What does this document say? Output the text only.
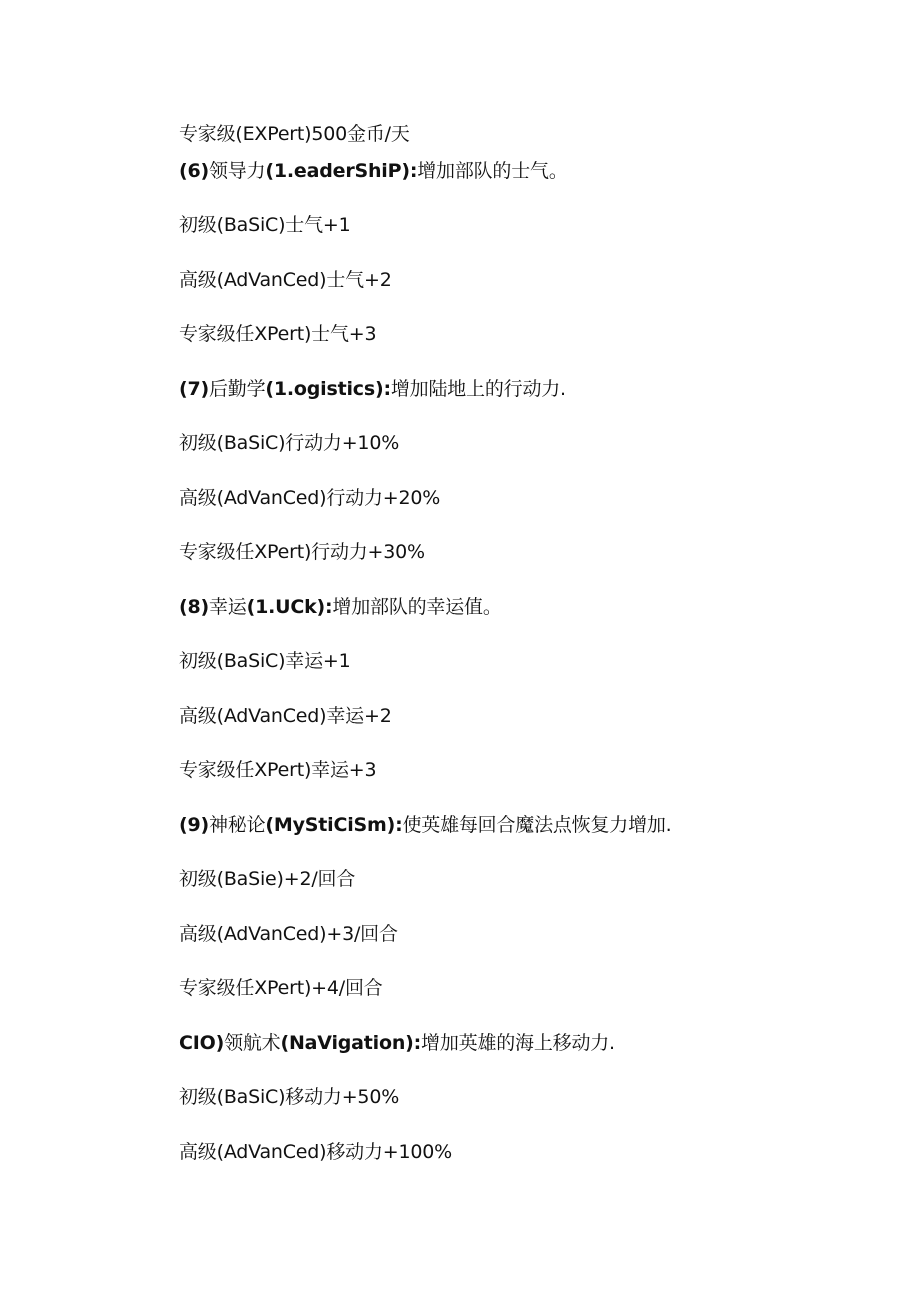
专家级(EXPert)500金币/天
(6)领导力(1.eaderShiP):增加部队的士气。
初级(BaSiC)士气+1
高级(AdVanCed)士气+2
专家级任XPert)士气+3
(7)后勤学(1.ogistics):增加陆地上的行动力.
初级(BaSiC)行动力+10%
高级(AdVanCed)行动力+20%
专家级任XPert)行动力+30%
(8)幸运(1.UCk):增加部队的幸运值。
初级(BaSiC)幸运+1
高级(AdVanCed)幸运+2
专家级任XPert)幸运+3
(9)神秘论(MyStiCiSm):使英雄每回合魔法点恢复力增加.
初级(BaSie)+2/回合
高级(AdVanCed)+3/回合
专家级任XPert)+4/回合
CIO)领航术(NaVigation):增加英雄的海上移动力.
初级(BaSiC)移动力+50%
高级(AdVanCed)移动力+100%
